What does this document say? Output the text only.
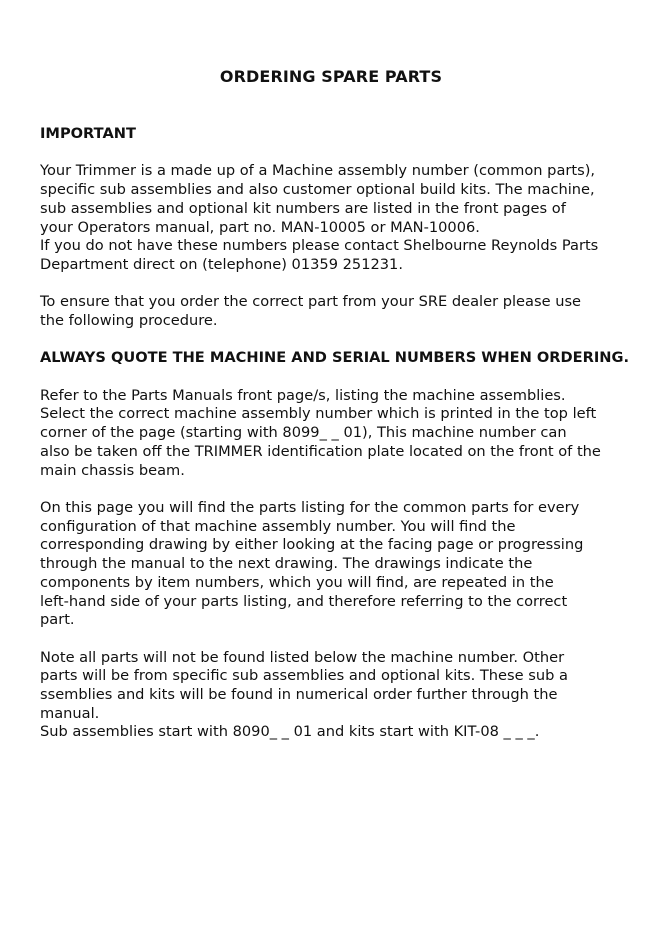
ORDERING SPARE PARTS

IMPORTANT

Your Trimmer is a made up of a Machine assembly number (common parts),
specific sub assemblies and also customer optional build kits. The machine,
sub assemblies and optional kit numbers are listed in the front pages of
your Operators manual, part no. MAN-10005 or MAN-10006.
If you do not have these numbers please contact Shelbourne Reynolds Parts
Department direct on (telephone) 01359 251231.

To ensure that you order the correct part from your SRE dealer please use
the following procedure.

ALWAYS QUOTE THE MACHINE AND SERIAL NUMBERS WHEN ORDERING.

Refer to the Parts Manuals front page/s, listing the machine assemblies.
Select the correct machine assembly number which is printed in the top left
corner of the page (starting with 8099_ _ 01), This machine number can
also be taken off the TRIMMER identification plate located on the front of the
main chassis beam.

On this page you will find the parts listing for the common parts for every
configuration of that machine assembly number. You will find the
corresponding drawing by either looking at the facing page or progressing
through the manual to the next drawing. The drawings indicate the
components by item numbers, which you will find, are repeated in the
left-hand side of your parts listing, and therefore referring to the correct
part.

Note all parts will not be found listed below the machine number. Other
parts will be from specific sub assemblies and optional kits. These sub a
ssemblies and kits will be found in numerical order further through the
manual.
Sub assemblies start with 8090_ _ 01 and kits start with KIT-08 _ _ _.
